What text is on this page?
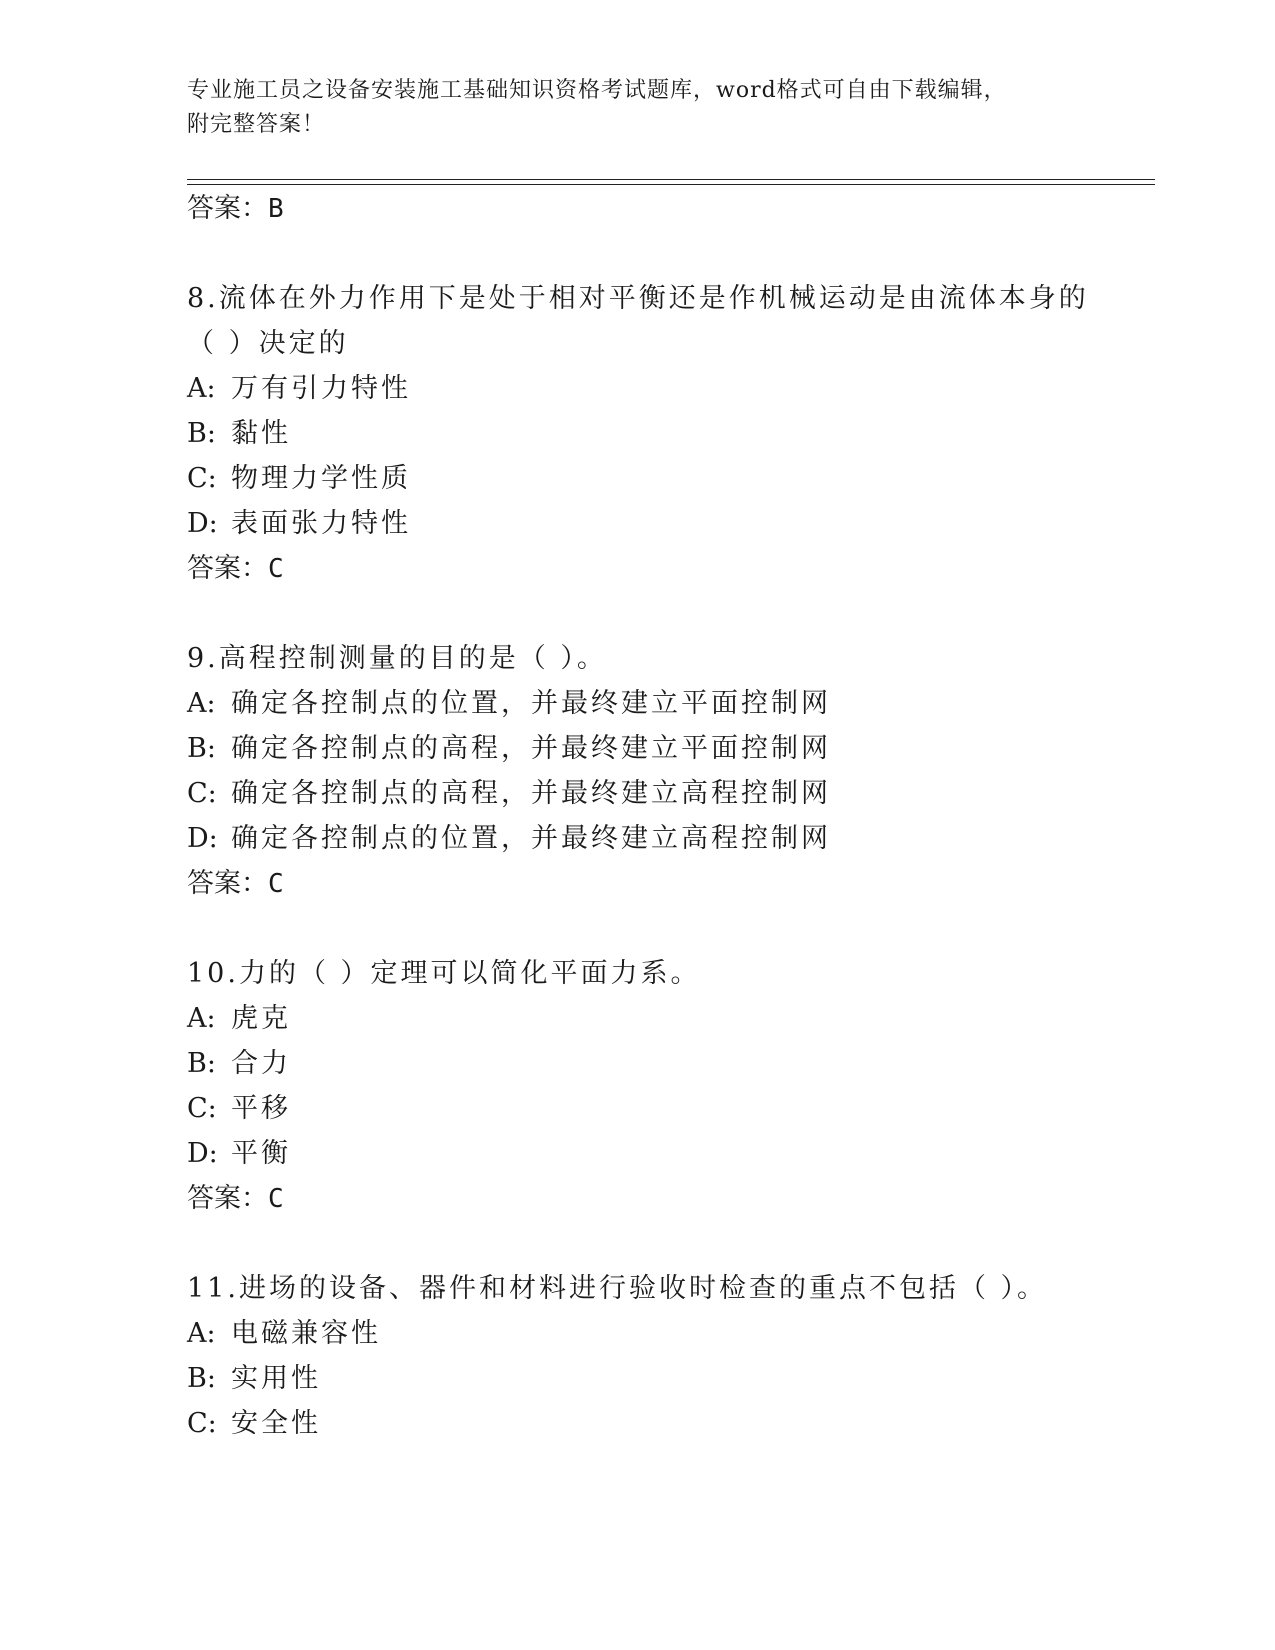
专业施工员之设备安装施工基础知识资格考试题库，word格式可自由下载编辑，
附完整答案！
答案：B
8.流体在外力作用下是处于相对平衡还是作机械运动是由流体本身的
（ ）决定的
A: 万有引力特性
B: 黏性
C: 物理力学性质
D: 表面张力特性
答案：C
9.高程控制测量的目的是（ ）。
A: 确定各控制点的位置，并最终建立平面控制网
B: 确定各控制点的高程，并最终建立平面控制网
C: 确定各控制点的高程，并最终建立高程控制网
D: 确定各控制点的位置，并最终建立高程控制网
答案：C
10.力的（ ）定理可以简化平面力系。
A: 虎克
B: 合力
C: 平移
D: 平衡
答案：C
11.进场的设备、器件和材料进行验收时检查的重点不包括（ ）。
A: 电磁兼容性
B: 实用性
C: 安全性
